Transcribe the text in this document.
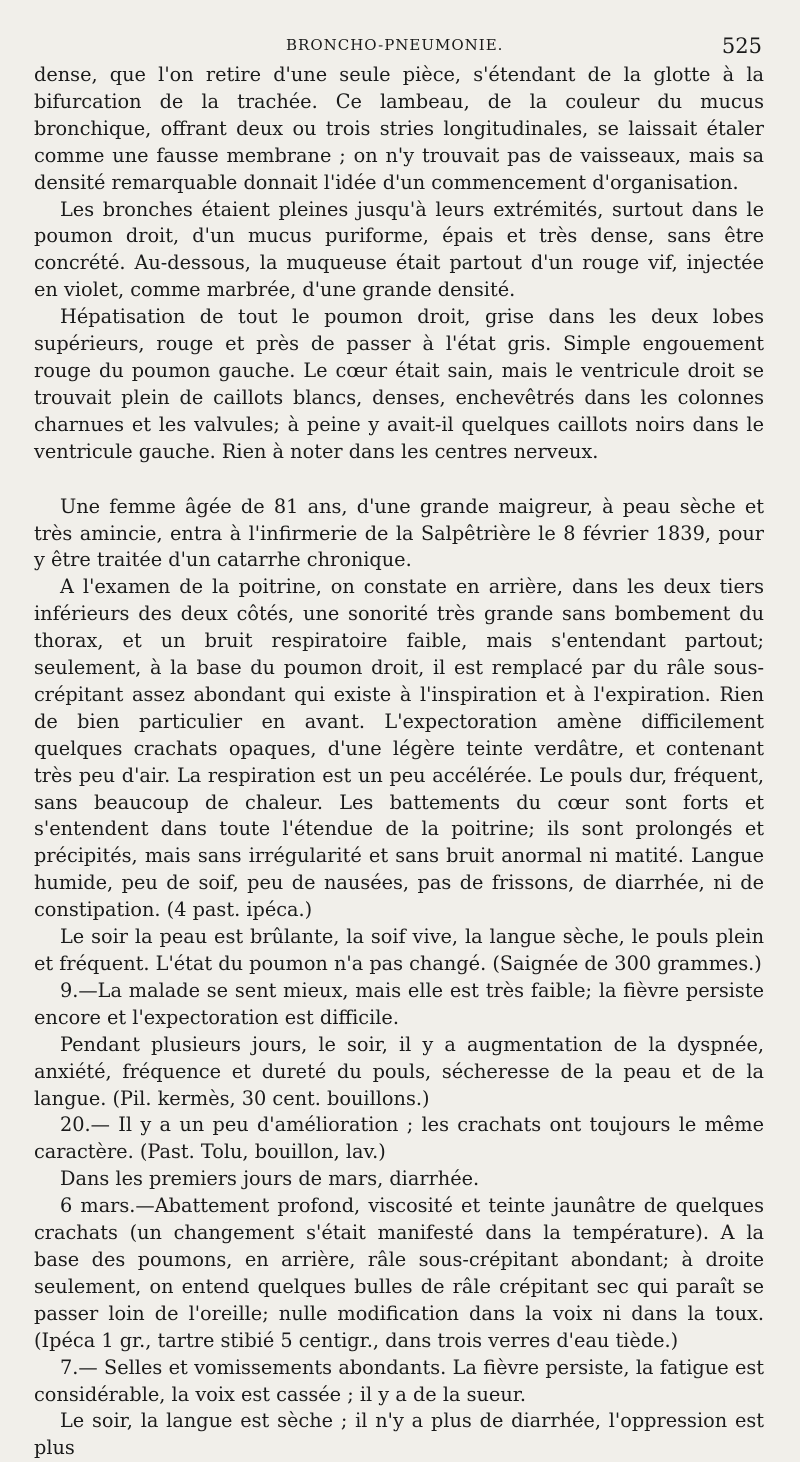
BRONCHO-PNEUMONIE.	525

dense, que l'on retire d'une seule pièce, s'étendant de la glotte à la bifurcation de la trachée. Ce lambeau, de la couleur du mucus bronchique, offrant deux ou trois stries longitudinales, se laissait étaler comme une fausse membrane ; on n'y trouvait pas de vaisseaux, mais sa densité remarquable donnait l'idée d'un commencement d'organisation.

Les bronches étaient pleines jusqu'à leurs extrémités, surtout dans le poumon droit, d'un mucus puriforme, épais et très dense, sans être concrété. Au-dessous, la muqueuse était partout d'un rouge vif, injectée en violet, comme marbrée, d'une grande densité.

Hépatisation de tout le poumon droit, grise dans les deux lobes supérieurs, rouge et près de passer à l'état gris. Simple engouement rouge du poumon gauche. Le cœur était sain, mais le ventricule droit se trouvait plein de caillots blancs, denses, enchevêtrés dans les colonnes charnues et les valvules; à peine y avait-il quelques caillots noirs dans le ventricule gauche. Rien à noter dans les centres nerveux.

Une femme âgée de 81 ans, d'une grande maigreur, à peau sèche et très amincie, entra à l'infirmerie de la Salpêtrière le 8 février 1839, pour y être traitée d'un catarrhe chronique.

A l'examen de la poitrine, on constate en arrière, dans les deux tiers inférieurs des deux côtés, une sonorité très grande sans bombement du thorax, et un bruit respiratoire faible, mais s'entendant partout; seulement, à la base du poumon droit, il est remplacé par du râle sous-crépitant assez abondant qui existe à l'inspiration et à l'expiration. Rien de bien particulier en avant. L'expectoration amène difficilement quelques crachats opaques, d'une légère teinte verdâtre, et contenant très peu d'air. La respiration est un peu accélérée. Le pouls dur, fréquent, sans beaucoup de chaleur. Les battements du cœur sont forts et s'entendent dans toute l'étendue de la poitrine; ils sont prolongés et précipités, mais sans irrégularité et sans bruit anormal ni matité. Langue humide, peu de soif, peu de nausées, pas de frissons, de diarrhée, ni de constipation. (4 past. ipéca.)

Le soir la peau est brûlante, la soif vive, la langue sèche, le pouls plein et fréquent. L'état du poumon n'a pas changé. (Saignée de 300 grammes.)

9.—La malade se sent mieux, mais elle est très faible; la fièvre persiste encore et l'expectoration est difficile.

Pendant plusieurs jours, le soir, il y a augmentation de la dyspnée, anxiété, fréquence et dureté du pouls, sécheresse de la peau et de la langue. (Pil. kermès, 30 cent. bouillons.)

20.— Il y a un peu d'amélioration ; les crachats ont toujours le même caractère. (Past. Tolu, bouillon, lav.)

Dans les premiers jours de mars, diarrhée.

6 mars.—Abattement profond, viscosité et teinte jaunâtre de quelques crachats (un changement s'était manifesté dans la température). A la base des poumons, en arrière, râle sous-crépitant abondant; à droite seulement, on entend quelques bulles de râle crépitant sec qui paraît se passer loin de l'oreille; nulle modification dans la voix ni dans la toux. (Ipéca 1 gr., tartre stibié 5 centigr., dans trois verres d'eau tiède.)

7.— Selles et vomissements abondants. La fièvre persiste, la fatigue est considérable, la voix est cassée ; il y a de la sueur.

Le soir, la langue est sèche ; il n'y a plus de diarrhée, l'oppression est plus
